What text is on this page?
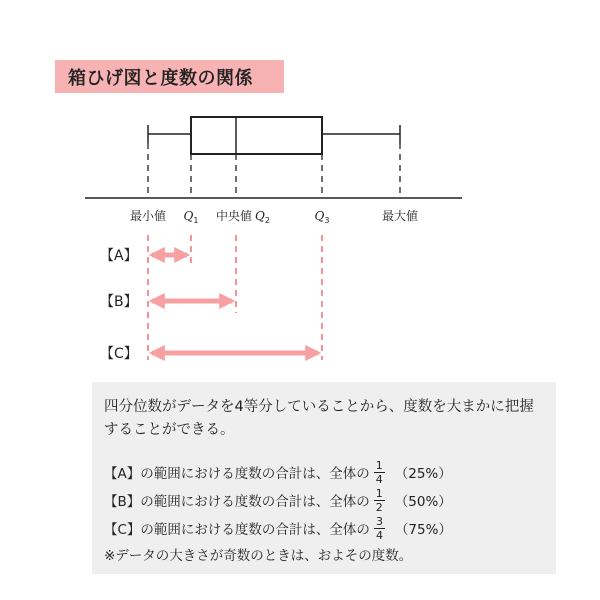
箱ひげ図と度数の関係
最小値 $Q_1$ 中央値 $Q_2$	$Q_3$	最大値
【A】
【B】
【C】

四分位数がデータを4等分していることから、度数を大まかに把握することができる。

【A】の範囲における度数の合計は、全体の $\frac{1}{4} (25\%)$
【B】の範囲における度数の合計は、全体の $\frac{1}{2} (50\%)$
【C】の範囲における度数の合計は、全体の $\frac{3}{4} (75\%)$
※データの大きさが奇数のときは、およその度数。
